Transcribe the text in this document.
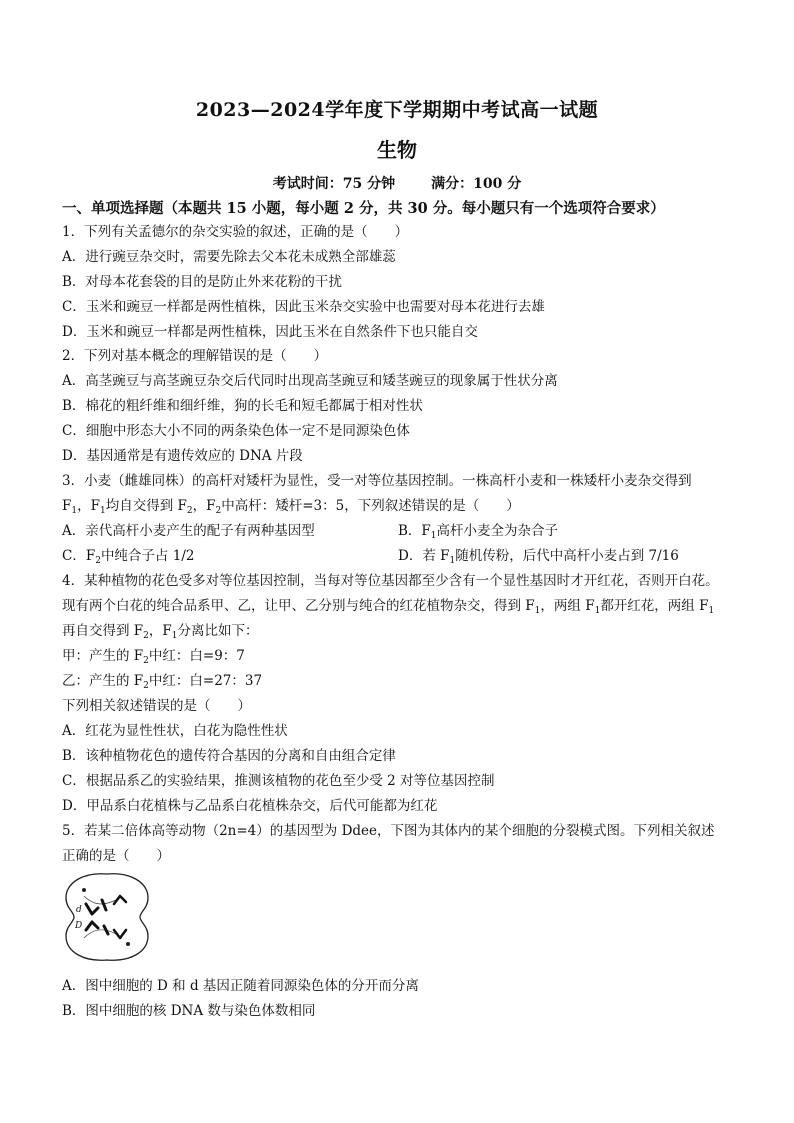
2023—2024学年度下学期期中考试高一试题
生物
考试时间：75 分钟	满分：100 分
一、单项选择题（本题共 15 小题，每小题 2 分，共 30 分。每小题只有一个选项符合要求）
1．下列有关孟德尔的杂交实验的叙述，正确的是（　　）
A．进行豌豆杂交时，需要先除去父本花未成熟全部雄蕊
B．对母本花套袋的目的是防止外来花粉的干扰
C．玉米和豌豆一样都是两性植株，因此玉米杂交实验中也需要对母本花进行去雄
D．玉米和豌豆一样都是两性植株，因此玉米在自然条件下也只能自交
2．下列对基本概念的理解错误的是（　　）
A．高茎豌豆与高茎豌豆杂交后代同时出现高茎豌豆和矮茎豌豆的现象属于性状分离
B．棉花的粗纤维和细纤维，狗的长毛和短毛都属于相对性状
C．细胞中形态大小不同的两条染色体一定不是同源染色体
D．基因通常是有遗传效应的 DNA 片段
3．小麦（雌雄同株）的高杆对矮杆为显性，受一对等位基因控制。一株高杆小麦和一株矮杆小麦杂交得到
$F_1$，$F_1$均自交得到 $F_2$，$F_2$中高杆：矮杆=3：5，下列叙述错误的是（　　）
A．亲代高杆小麦产生的配子有两种基因型	B．$F_1$高杆小麦全为杂合子
C．$F_2$中纯合子占 1/2	D．若 $F_1$随机传粉，后代中高杆小麦占到 7/16
4．某种植物的花色受多对等位基因控制，当每对等位基因都至少含有一个显性基因时才开红花，否则开白花。
现有两个白花的纯合品系甲、乙，让甲、乙分别与纯合的红花植物杂交，得到 $F_1$，两组 $F_1$都开红花，两组 $F_1$
再自交得到 $F_2$，$F_1$分离比如下：
甲：产生的 $F_2$中红：白=9：7
乙：产生的 $F_2$中红：白=27：37
下列相关叙述错误的是（　　）
A．红花为显性性状，白花为隐性性状
B．该种植物花色的遗传符合基因的分离和自由组合定律
C．根据品系乙的实验结果，推测该植物的花色至少受 2 对等位基因控制
D．甲品系白花植株与乙品系白花植株杂交，后代可能都为红花
5．若某二倍体高等动物（2n=4）的基因型为 Ddee，下图为其体内的某个细胞的分裂模式图。下列相关叙述
正确的是（　　）
d
D
A．图中细胞的 D 和 d 基因正随着同源染色体的分开而分离
B．图中细胞的核 DNA 数与染色体数相同
